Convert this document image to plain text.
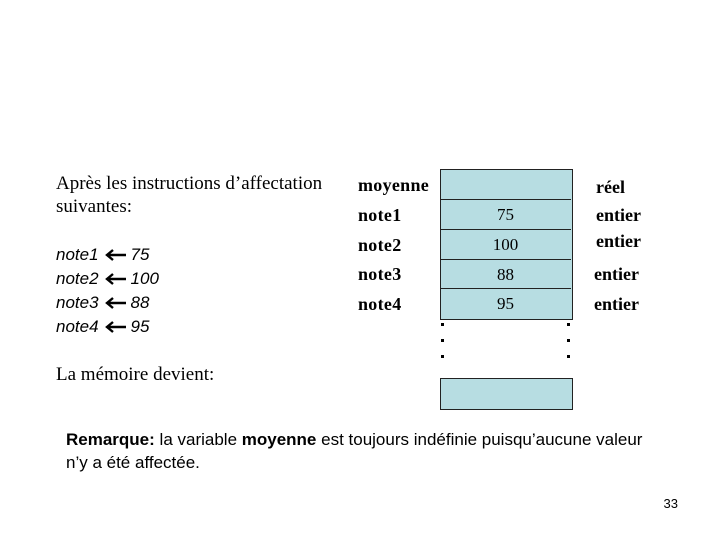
Après les instructions d’affectation
suivantes:
note1 75
note2 100
note3 88
note4 95
La mémoire devient:
moyenne
note1
note2
note3
note4
75
100
88
95
réel
entier
entier
entier
entier
Remarque: la variable moyenne est toujours indéfinie puisqu’aucune valeur n’y a été affectée.
33
